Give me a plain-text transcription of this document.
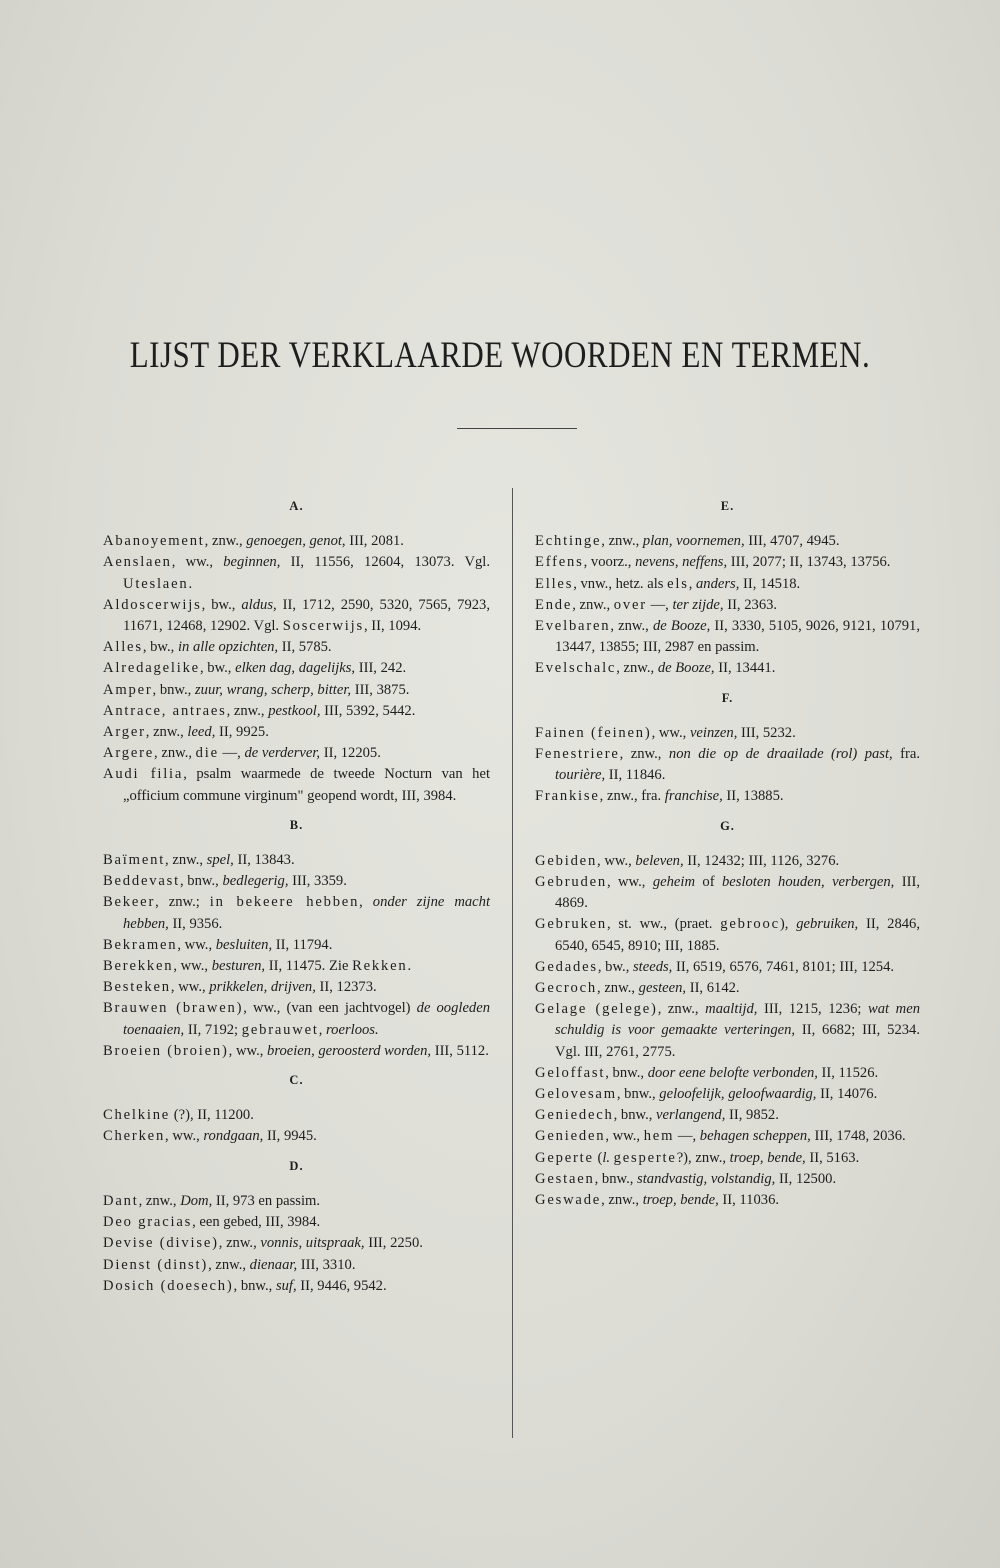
LIJST DER VERKLAARDE WOORDEN EN TERMEN.
A.
Abanoyement, znw., genoegen, genot, III, 2081.
Aenslaen, ww., beginnen, II, 11556, 12604, 13073. Vgl. Uteslaen.
Aldoscerwijs, bw., aldus, II, 1712, 2590, 5320, 7565, 7923, 11671, 12468, 12902. Vgl. Soscerwijs, II, 1094.
Alles, bw., in alle opzichten, II, 5785.
Alredagelike, bw., elken dag, dagelijks, III, 242.
Amper, bnw., zuur, wrang, scherp, bitter, III, 3875.
Antrace, antraes, znw., pestkool, III, 5392, 5442.
Arger, znw., leed, II, 9925.
Argere, znw., die —, de verderver, II, 12205.
Audi filia, psalm waarmede de tweede Nocturn van het „officium commune virginum" geopend wordt, III, 3984.
B.
Baïment, znw., spel, II, 13843.
Beddevast, bnw., bedlegerig, III, 3359.
Bekeer, znw.; in bekeere hebben, onder zijne macht hebben, II, 9356.
Bekramen, ww., besluiten, II, 11794.
Berekken, ww., besturen, II, 11475. Zie Rekken.
Besteken, ww., prikkelen, drijven, II, 12373.
Brauwen (brawen), ww., (van een jachtvogel) de oogleden toenaaien, II, 7192; gebrauwet, roerloos.
Broeien (broien), ww., broeien, geroosterd worden, III, 5112.
C.
Chelkine (?), II, 11200.
Cherken, ww., rondgaan, II, 9945.
D.
Dant, znw., Dom, II, 973 en passim.
Deo gracias, een gebed, III, 3984.
Devise (divise), znw., vonnis, uitspraak, III, 2250.
Dienst (dinst), znw., dienaar, III, 3310.
Dosich (doesech), bnw., suf, II, 9446, 9542.
E.
Echtinge, znw., plan, voornemen, III, 4707, 4945.
Effens, voorz., nevens, neffens, III, 2077; II, 13743, 13756.
Elles, vnw., hetz. als els, anders, II, 14518.
Ende, znw., over —, ter zijde, II, 2363.
Evelbaren, znw., de Booze, II, 3330, 5105, 9026, 9121, 10791, 13447, 13855; III, 2987 en passim.
Evelschalc, znw., de Booze, II, 13441.
F.
Fainen (feinen), ww., veinzen, III, 5232.
Fenestriere, znw., non die op de draailade (rol) past, fra. tourière, II, 11846.
Frankise, znw., fra. franchise, II, 13885.
G.
Gebiden, ww., beleven, II, 12432; III, 1126, 3276.
Gebruden, ww., geheim of besloten houden, verbergen, III, 4869.
Gebruken, st. ww., (praet. gebrooc), gebruiken, II, 2846, 6540, 6545, 8910; III, 1885.
Gedades, bw., steeds, II, 6519, 6576, 7461, 8101; III, 1254.
Gecroch, znw., gesteen, II, 6142.
Gelage (gelege), znw., maaltijd, III, 1215, 1236; wat men schuldig is voor gemaakte verteringen, II, 6682; III, 5234. Vgl. III, 2761, 2775.
Geloffast, bnw., door eene belofte verbonden, II, 11526.
Gelovesam, bnw., geloofelijk, geloofwaardig, II, 14076.
Geniedech, bnw., verlangend, II, 9852.
Genieden, ww., hem —, behagen scheppen, III, 1748, 2036.
Geperte (l. gesperte?), znw., troep, bende, II, 5163.
Gestaen, bnw., standvastig, volstandig, II, 12500.
Geswade, znw., troep, bende, II, 11036.
